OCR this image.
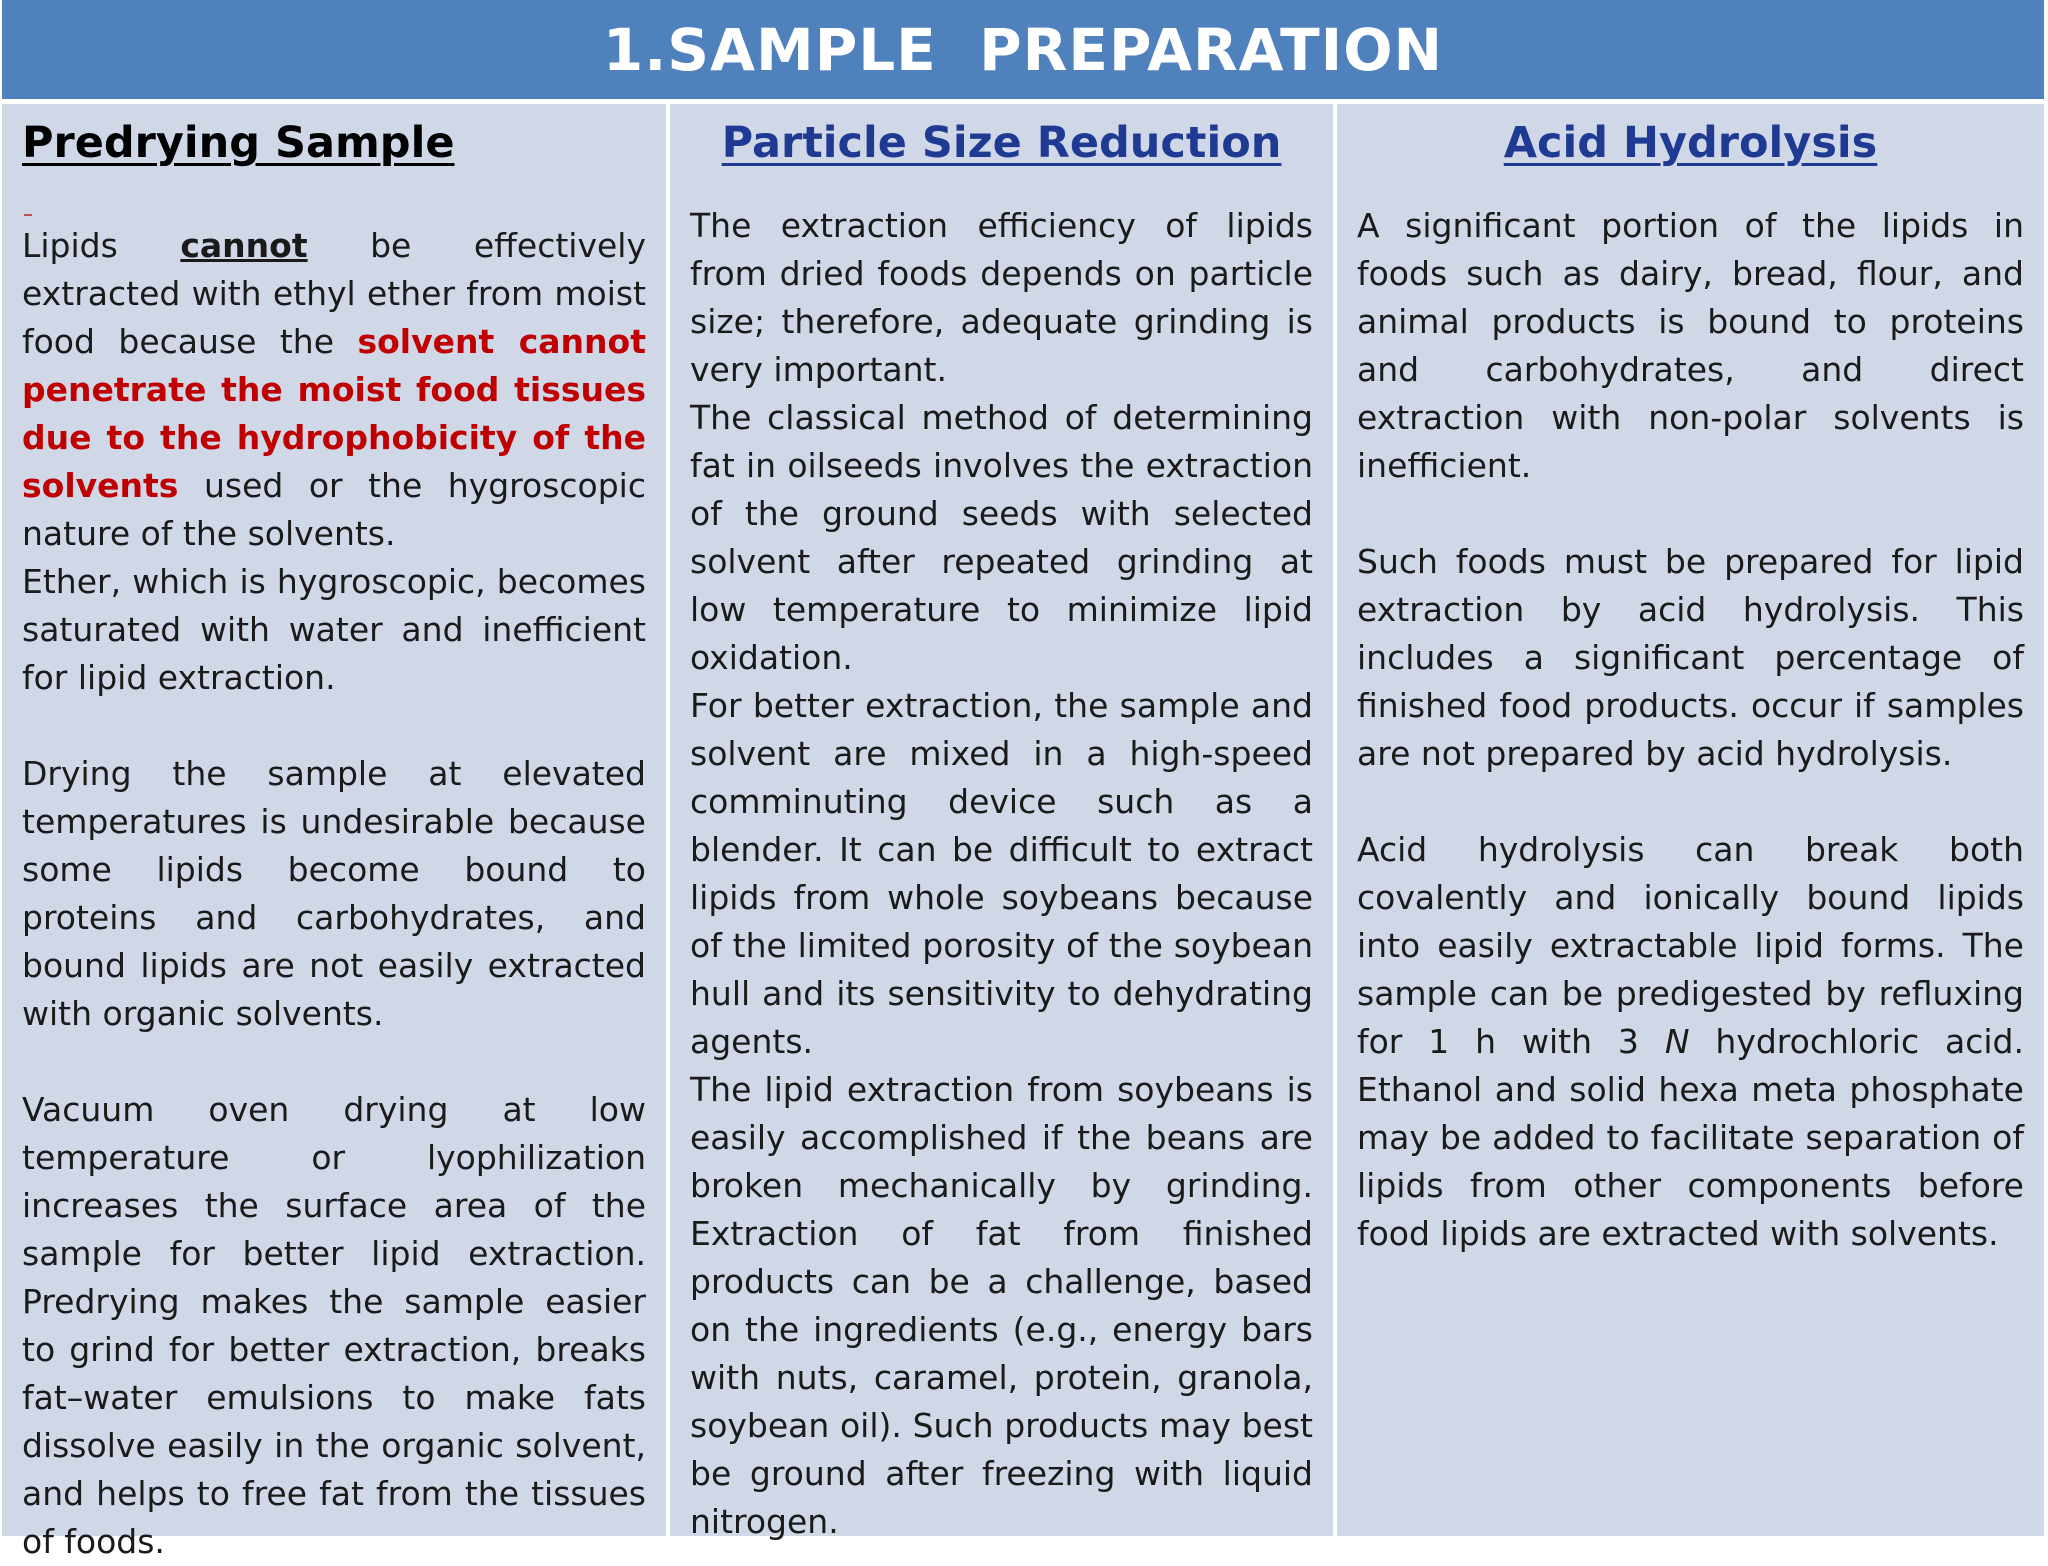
1.SAMPLE  PREPARATION
Predrying Sample

Lipids cannot be effectively extracted with ethyl ether from moist food because the solvent cannot penetrate the moist food tissues due to the hydrophobicity of the solvents used or the hygroscopic nature of the solvents.

Ether, which is hygroscopic, becomes saturated with water and inefficient for lipid extraction.

Drying the sample at elevated temperatures is undesirable because some lipids become bound to proteins and carbohydrates, and bound lipids are not easily extracted with organic solvents.

Vacuum oven drying at low temperature or lyophilization increases the surface area of the sample for better lipid extraction. Predrying makes the sample easier to grind for better extraction, breaks fat–water emulsions to make fats dissolve easily in the organic solvent, and helps to free fat from the tissues of foods.

Particle Size Reduction

The extraction efficiency of lipids from dried foods depends on particle size; therefore, adequate grinding is very important.

The classical method of determining fat in oilseeds involves the extraction of the ground seeds with selected solvent after repeated grinding at low temperature to minimize lipid oxidation.

For better extraction, the sample and solvent are mixed in a high-speed comminuting device such as a blender. It can be difficult to extract lipids from whole soybeans because of the limited porosity of the soybean hull and its sensitivity to dehydrating agents.

The lipid extraction from soybeans is easily accomplished if the beans are broken mechanically by grinding. Extraction of fat from finished products can be a challenge, based on the ingredients (e.g., energy bars with nuts, caramel, protein, granola, soybean oil). Such products may best be ground after freezing with liquid nitrogen.

Acid Hydrolysis

A significant portion of the lipids in foods such as dairy, bread, flour, and animal products is bound to proteins and carbohydrates, and direct extraction with non-polar solvents is inefficient.

Such foods must be prepared for lipid extraction by acid hydrolysis. This includes a significant percentage of finished food products. occur if samples are not prepared by acid hydrolysis.

Acid hydrolysis can break both covalently and ionically bound lipids into easily extractable lipid forms. The sample can be predigested by refluxing for 1 h with 3 N hydrochloric acid. Ethanol and solid hexa meta phosphate may be added to facilitate separation of lipids from other components before food lipids are extracted with solvents.
